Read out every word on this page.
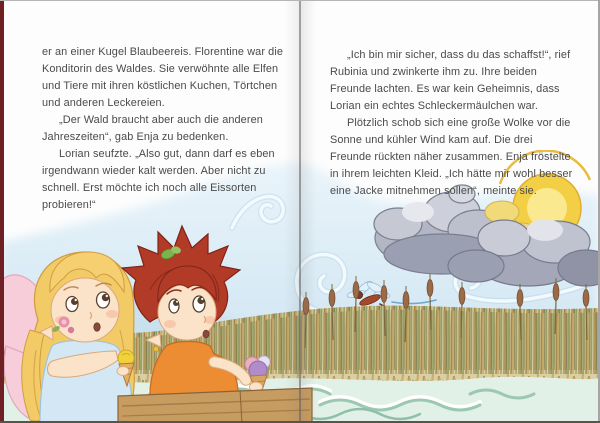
er an einer Kugel Blaubeereis. Florentine war die Konditorin des Waldes. Sie verwöhnte alle Elfen und Tiere mit ihren köstlichen Kuchen, Törtchen und anderen Leckereien.

„Der Wald braucht aber auch die anderen Jahreszeiten“, gab Enja zu bedenken.

Lorian seufzte. „Also gut, dann darf es eben irgendwann wieder kalt werden. Aber nicht zu schnell. Erst möchte ich noch alle Eissorten probieren!“

„Ich bin mir sicher, dass du das schaffst!“, rief Rubinia und zwinkerte ihm zu. Ihre beiden Freunde lachten. Es war kein Geheimnis, dass Lorian ein echtes Schleckermäulchen war.

Plötzlich schob sich eine große Wolke vor die Sonne und kühler Wind kam auf. Die drei Freunde rückten näher zusammen. Enja fröstelte in ihrem leichten Kleid. „Ich hätte mir wohl besser eine Jacke mitnehmen sollen“, meinte sie.
